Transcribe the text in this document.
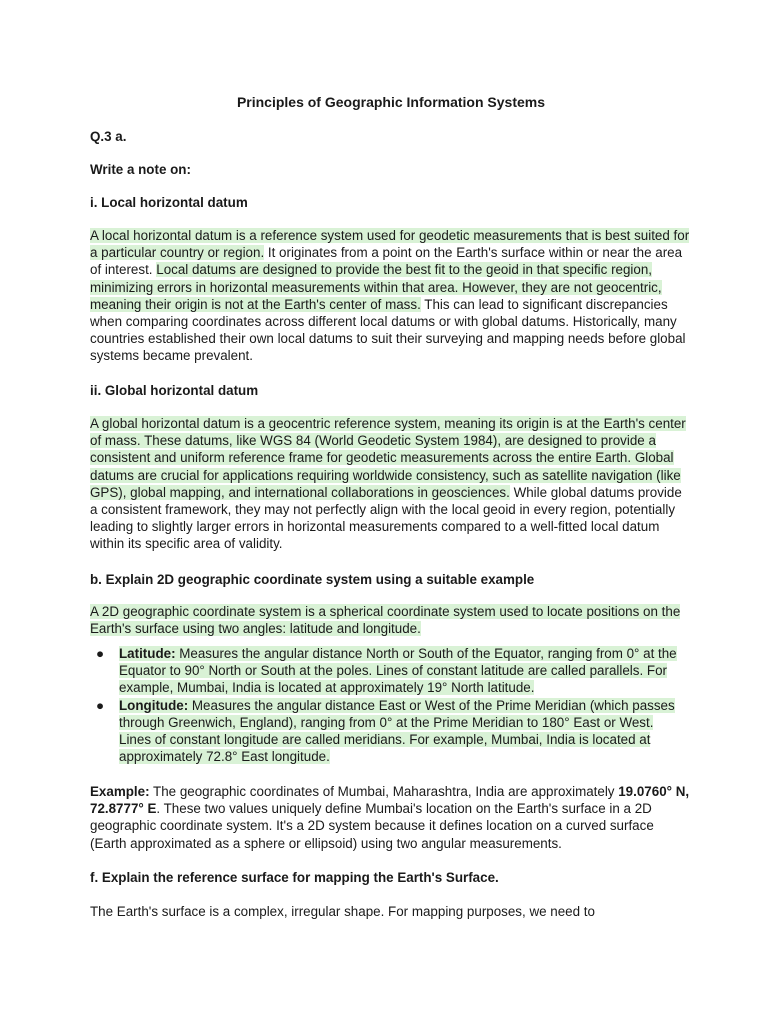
Principles of Geographic Information Systems
Q.3 a.
Write a note on:
i. Local horizontal datum

A local horizontal datum is a reference system used for geodetic measurements that is best suited for a particular country or region. It originates from a point on the Earth's surface within or near the area of interest. Local datums are designed to provide the best fit to the geoid in that specific region, minimizing errors in horizontal measurements within that area. However, they are not geocentric, meaning their origin is not at the Earth's center of mass. This can lead to significant discrepancies when comparing coordinates across different local datums or with global datums. Historically, many countries established their own local datums to suit their surveying and mapping needs before global systems became prevalent.

ii. Global horizontal datum

A global horizontal datum is a geocentric reference system, meaning its origin is at the Earth's center of mass. These datums, like WGS 84 (World Geodetic System 1984), are designed to provide a consistent and uniform reference frame for geodetic measurements across the entire Earth. Global datums are crucial for applications requiring worldwide consistency, such as satellite navigation (like GPS), global mapping, and international collaborations in geosciences. While global datums provide a consistent framework, they may not perfectly align with the local geoid in every region, potentially leading to slightly larger errors in horizontal measurements compared to a well-fitted local datum within its specific area of validity.

b. Explain 2D geographic coordinate system using a suitable example

A 2D geographic coordinate system is a spherical coordinate system used to locate positions on the Earth's surface using two angles: latitude and longitude.

● Latitude: Measures the angular distance North or South of the Equator, ranging from 0° at the Equator to 90° North or South at the poles. Lines of constant latitude are called parallels. For example, Mumbai, India is located at approximately 19° North latitude.
● Longitude: Measures the angular distance East or West of the Prime Meridian (which passes through Greenwich, England), ranging from 0° at the Prime Meridian to 180° East or West. Lines of constant longitude are called meridians. For example, Mumbai, India is located at approximately 72.8° East longitude.

Example: The geographic coordinates of Mumbai, Maharashtra, India are approximately 19.0760° N, 72.8777° E. These two values uniquely define Mumbai's location on the Earth's surface in a 2D geographic coordinate system. It's a 2D system because it defines location on a curved surface (Earth approximated as a sphere or ellipsoid) using two angular measurements.

f. Explain the reference surface for mapping the Earth's Surface.

The Earth's surface is a complex, irregular shape. For mapping purposes, we need to
